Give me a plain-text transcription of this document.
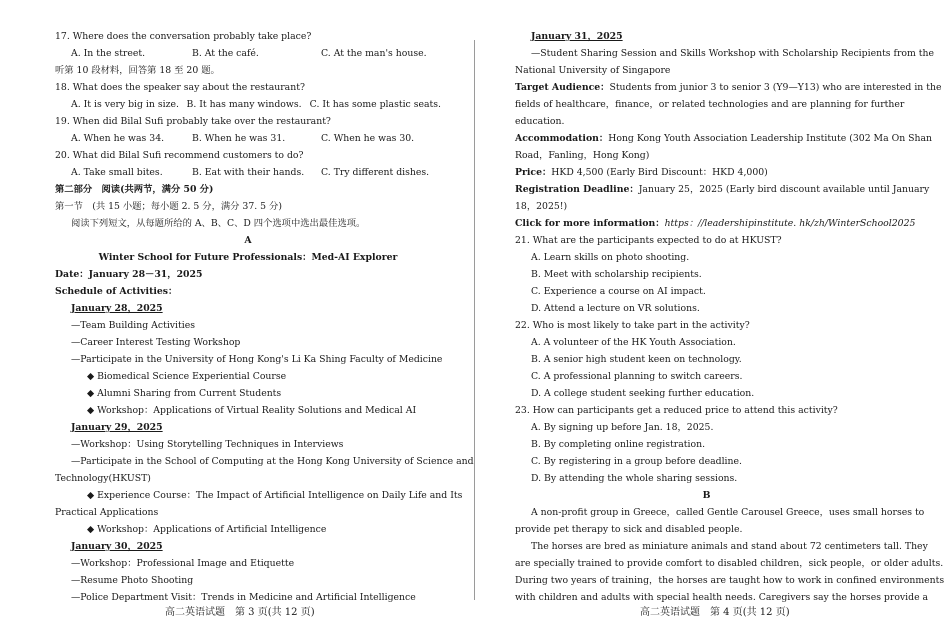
17. Where does the conversation probably take place?
A. In the street.	B. At the café.	C. At the man's house.
听第 10 段材料，回答第 18 至 20 题。
18. What does the speaker say about the restaurant?
A. It is very big in size. B. It has many windows. C. It has some plastic seats.
19. When did Bilal Sufi probably take over the restaurant?
A. When he was 34.	B. When he was 31.	C. When he was 30.
20. What did Bilal Sufi recommend customers to do?
A. Take small bites.	B. Eat with their hands.	C. Try different dishes.
第二部分　阅读(共两节，满分 50 分)
第一节　(共 15 小题；每小题 2. 5 分，满分 37. 5 分)
阅读下列短文，从每题所给的 A、B、C、D 四个选项中选出最佳选项。
A
Winter School for Future Professionals：Med-AI Explorer
Date：January 28－31，2025
Schedule of Activities：
January 28，2025
—Team Building Activities
—Career Interest Testing Workshop
—Participate in the University of Hong Kong's Li Ka Shing Faculty of Medicine
◆ Biomedical Science Experiential Course
◆ Alumni Sharing from Current Students
◆ Workshop：Applications of Virtual Reality Solutions and Medical AI
January 29，2025
—Workshop：Using Storytelling Techniques in Interviews
—Participate in the School of Computing at the Hong Kong University of Science and
Technology(HKUST)
◆ Experience Course：The Impact of Artificial Intelligence on Daily Life and Its
Practical Applications
◆ Workshop：Applications of Artificial Intelligence
January 30，2025
—Workshop：Professional Image and Etiquette
—Resume Photo Shooting
—Police Department Visit：Trends in Medicine and Artificial Intelligence
January 31，2025
—Student Sharing Session and Skills Workshop with Scholarship Recipients from the
National University of Singapore
Target Audience：Students from junior 3 to senior 3 (Y9—Y13) who are interested in the
fields of healthcare，finance，or related technologies and are planning for further
education.
Accommodation：Hong Kong Youth Association Leadership Institute (302 Ma On Shan
Road，Fanling，Hong Kong)
Price：HKD 4,500 (Early Bird Discount：HKD 4,000)
Registration Deadline：January 25，2025 (Early bird discount available until January
18，2025!)
Click for more information：https：//leadershipinstitute. hk/zh/WinterSchool2025
21. What are the participants expected to do at HKUST?
A. Learn skills on photo shooting.
B. Meet with scholarship recipients.
C. Experience a course on AI impact.
D. Attend a lecture on VR solutions.
22. Who is most likely to take part in the activity?
A. A volunteer of the HK Youth Association.
B. A senior high student keen on technology.
C. A professional planning to switch careers.
D. A college student seeking further education.
23. How can participants get a reduced price to attend this activity?
A. By signing up before Jan. 18，2025.
B. By completing online registration.
C. By registering in a group before deadline.
D. By attending the whole sharing sessions.
B
A non-profit group in Greece，called Gentle Carousel Greece，uses small horses to
provide pet therapy to sick and disabled people.
The horses are bred as miniature animals and stand about 72 centimeters tall. They
are specially trained to provide comfort to disabled children，sick people，or older adults.
During two years of training，the horses are taught how to work in confined environments
with children and adults with special health needs. Caregivers say the horses provide a
高二英语试题　第 3 页(共 12 页)	高二英语试题　第 4 页(共 12 页)
